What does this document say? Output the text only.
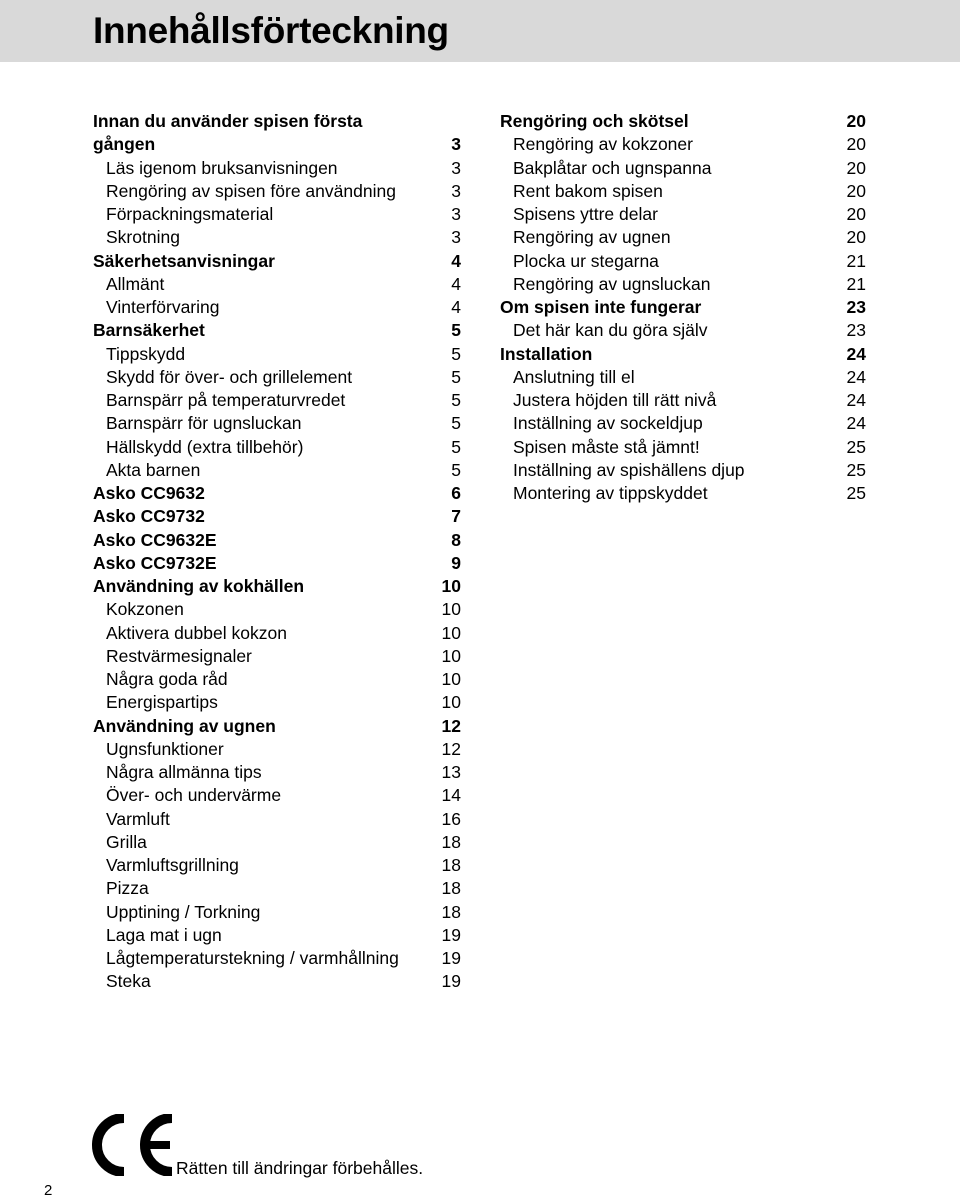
Innehållsförteckning
Innan du använder spisen första
gången	3
Läs igenom bruksanvisningen	3
Rengöring av spisen före användning	3
Förpackningsmaterial	3
Skrotning	3
Säkerhetsanvisningar	4
Allmänt	4
Vinterförvaring	4
Barnsäkerhet	5
Tippskydd	5
Skydd för över- och grillelement	5
Barnspärr på temperaturvredet	5
Barnspärr för ugnsluckan	5
Hällskydd (extra tillbehör)	5
Akta barnen	5
Asko CC9632	6
Asko CC9732	7
Asko CC9632E	8
Asko CC9732E	9
Användning av kokhällen	10
Kokzonen	10
Aktivera dubbel kokzon	10
Restvärmesignaler	10
Några goda råd	10
Energispartips	10
Användning av ugnen	12
Ugnsfunktioner	12
Några allmänna tips	13
Över- och undervärme	14
Varmluft	16
Grilla	18
Varmluftsgrillning	18
Pizza	18
Upptining / Torkning	18
Laga mat i ugn	19
Lågtemperaturstekning / varmhållning 19
Steka	19
Rengöring och skötsel	20
Rengöring av kokzoner	20
Bakplåtar och ugnspanna	20
Rent bakom spisen	20
Spisens yttre delar	20
Rengöring av ugnen	20
Plocka ur stegarna	21
Rengöring av ugnsluckan	21
Om spisen inte fungerar	23
Det här kan du göra själv	23
Installation	24
Anslutning till el	24
Justera höjden till rätt nivå	24
Inställning av sockeldjup	24
Spisen måste stå jämnt!	25
Inställning av spishällens djup	25
Montering av tippskyddet	25
Rätten till ändringar förbehålles.
2
